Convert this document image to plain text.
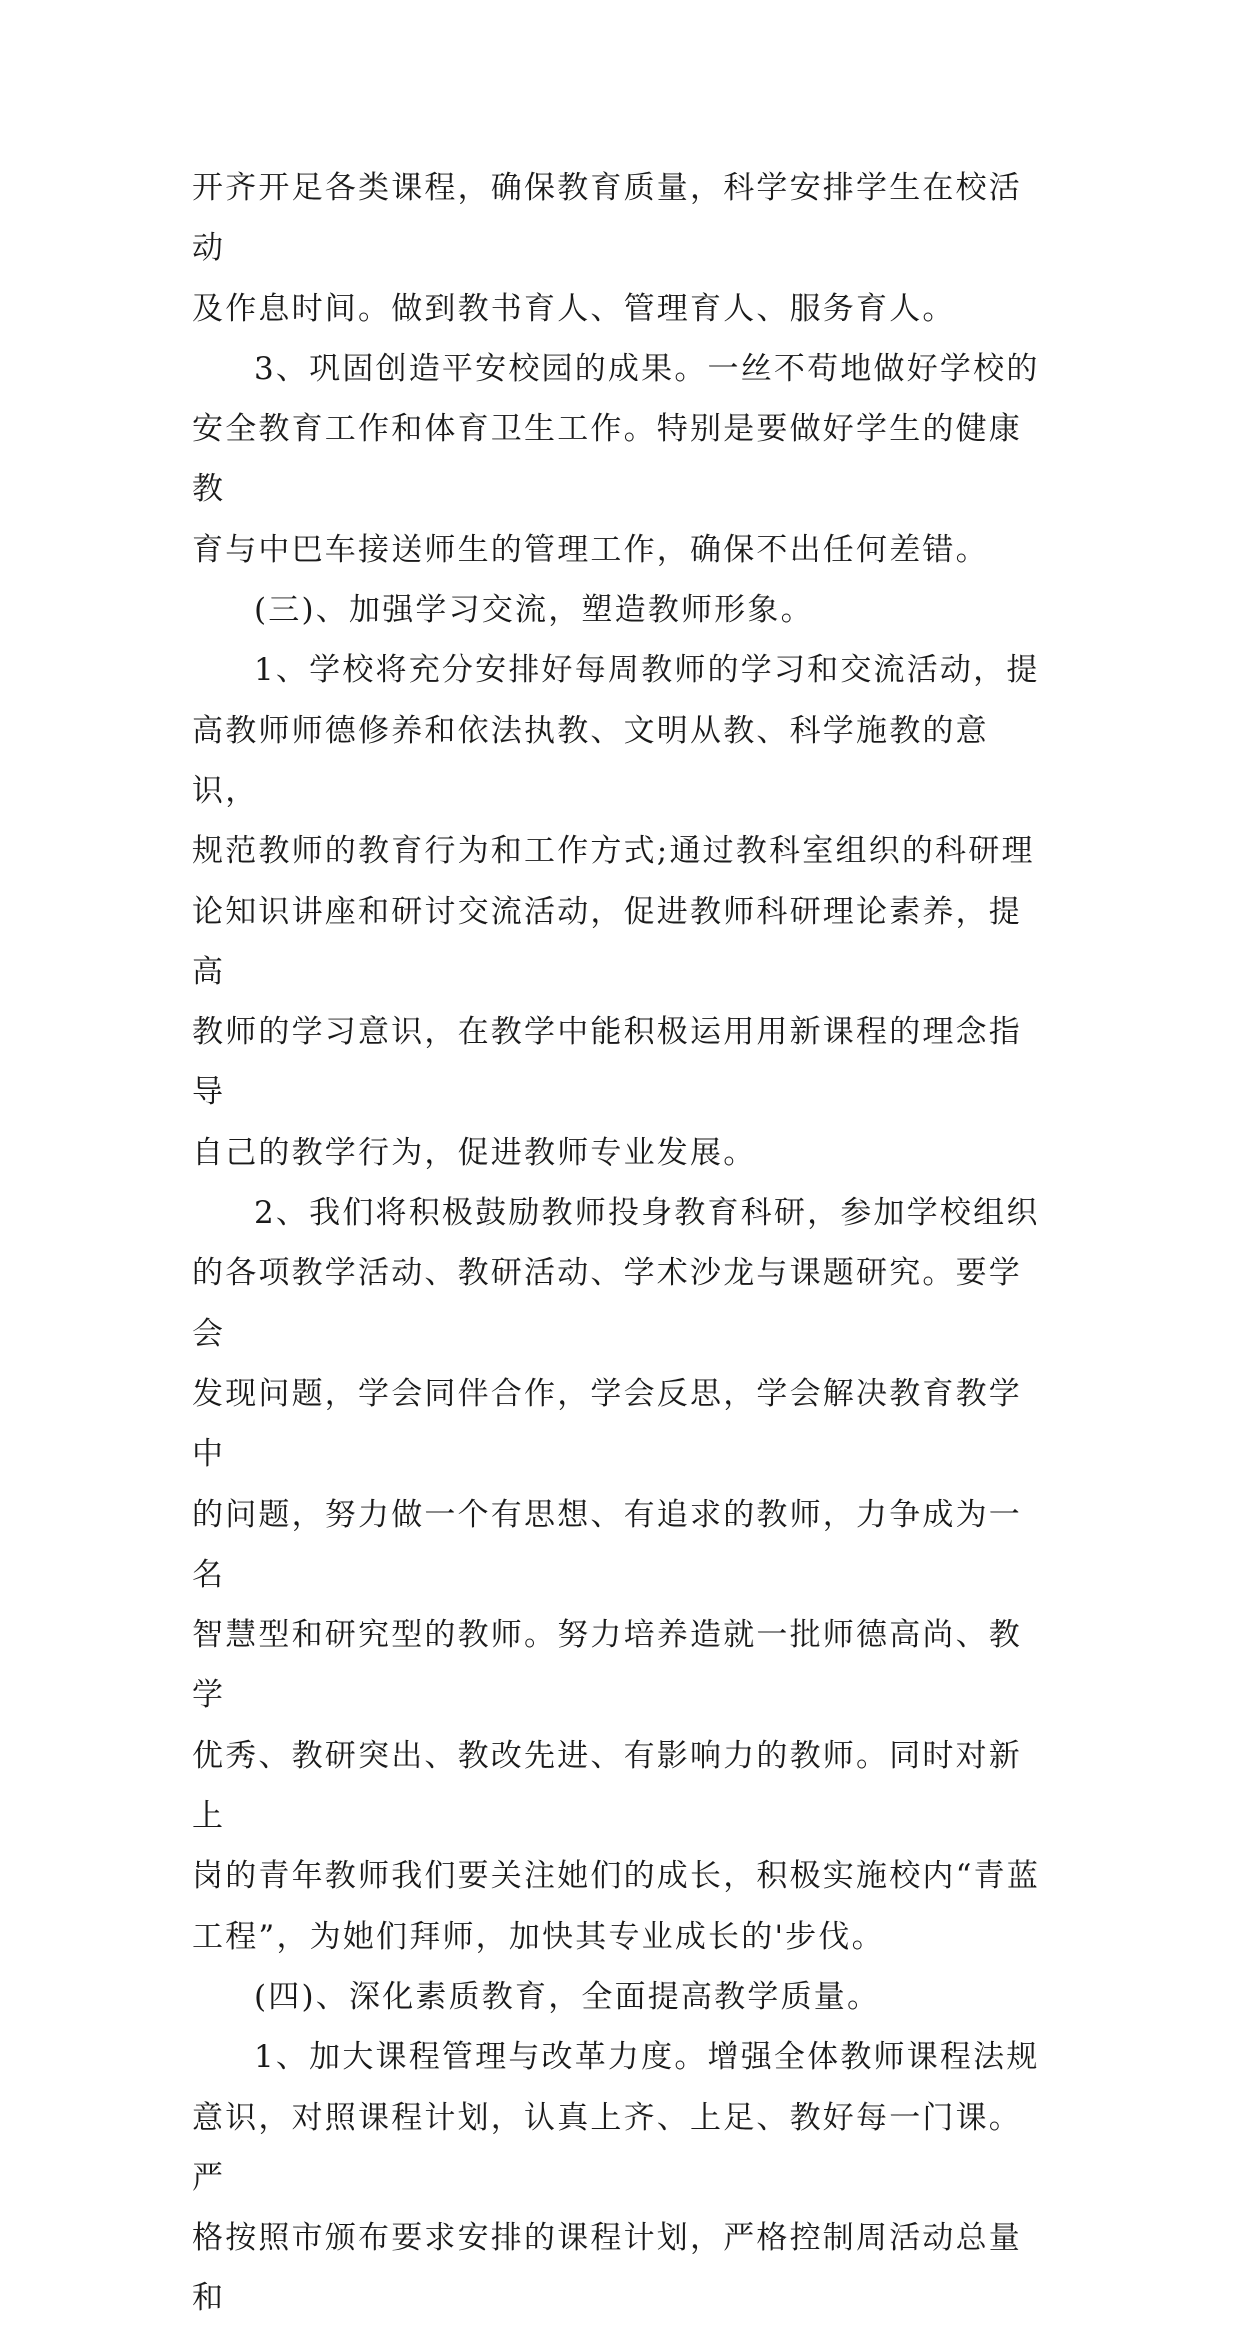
开齐开足各类课程，确保教育质量，科学安排学生在校活动

及作息时间。做到教书育人、管理育人、服务育人。

3、巩固创造平安校园的成果。一丝不苟地做好学校的

安全教育工作和体育卫生工作。特别是要做好学生的健康教

育与中巴车接送师生的管理工作，确保不出任何差错。

(三)、加强学习交流，塑造教师形象。

1、学校将充分安排好每周教师的学习和交流活动，提

高教师师德修养和依法执教、文明从教、科学施教的意识，

规范教师的教育行为和工作方式;通过教科室组织的科研理

论知识讲座和研讨交流活动，促进教师科研理论素养，提高

教师的学习意识，在教学中能积极运用用新课程的理念指导

自己的教学行为，促进教师专业发展。

2、我们将积极鼓励教师投身教育科研，参加学校组织

的各项教学活动、教研活动、学术沙龙与课题研究。要学会

发现问题，学会同伴合作，学会反思，学会解决教育教学中

的问题，努力做一个有思想、有追求的教师，力争成为一名

智慧型和研究型的教师。努力培养造就一批师德高尚、教学

优秀、教研突出、教改先进、有影响力的教师。同时对新上

岗的青年教师我们要关注她们的成长，积极实施校内“青蓝

工程”，为她们拜师，加快其专业成长的'步伐。

(四)、深化素质教育，全面提高教学质量。

1、加大课程管理与改革力度。增强全体教师课程法规

意识，对照课程计划，认真上齐、上足、教好每一门课。严

格按照市颁布要求安排的课程计划，严格控制周活动总量和
